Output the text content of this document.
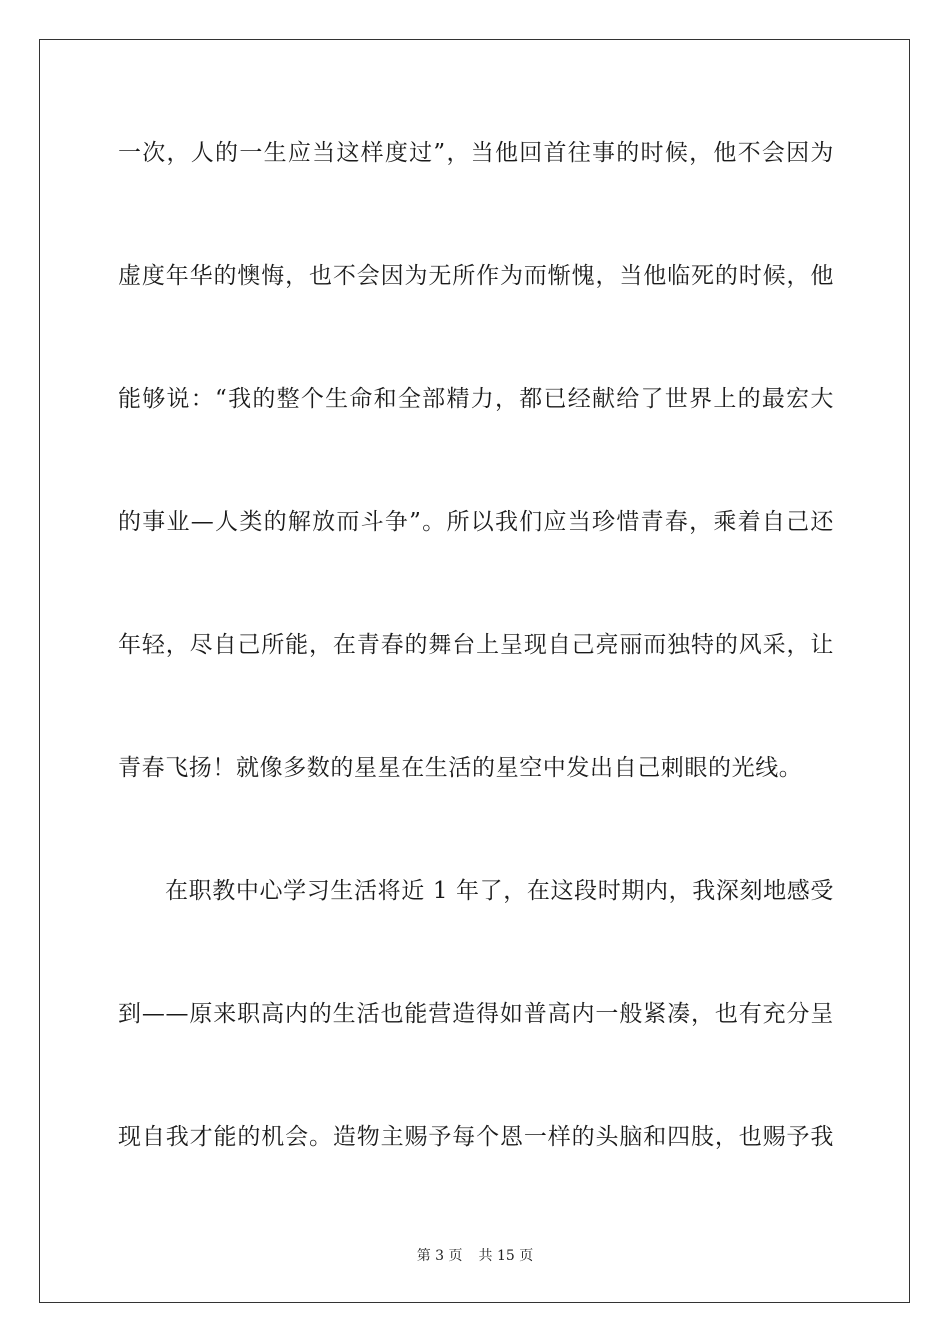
一次，人的一生应当这样度过”，当他回首往事的时候，他不会因为
虚度年华的懊悔，也不会因为无所作为而惭愧，当他临死的时候，他
能够说：“我的整个生命和全部精力，都已经献给了世界上的最宏大
的事业—人类的解放而斗争”。所以我们应当珍惜青春，乘着自己还
年轻，尽自己所能，在青春的舞台上呈现自己亮丽而独特的风采，让
青春飞扬！就像多数的星星在生活的星空中发出自己刺眼的光线。
在职教中心学习生活将近 1 年了，在这段时期内，我深刻地感受
到——原来职高内的生活也能营造得如普高内一般紧凑，也有充分呈
现自我才能的机会。造物主赐予每个恩一样的头脑和四肢，也赐予我
第 3 页 共 15 页
